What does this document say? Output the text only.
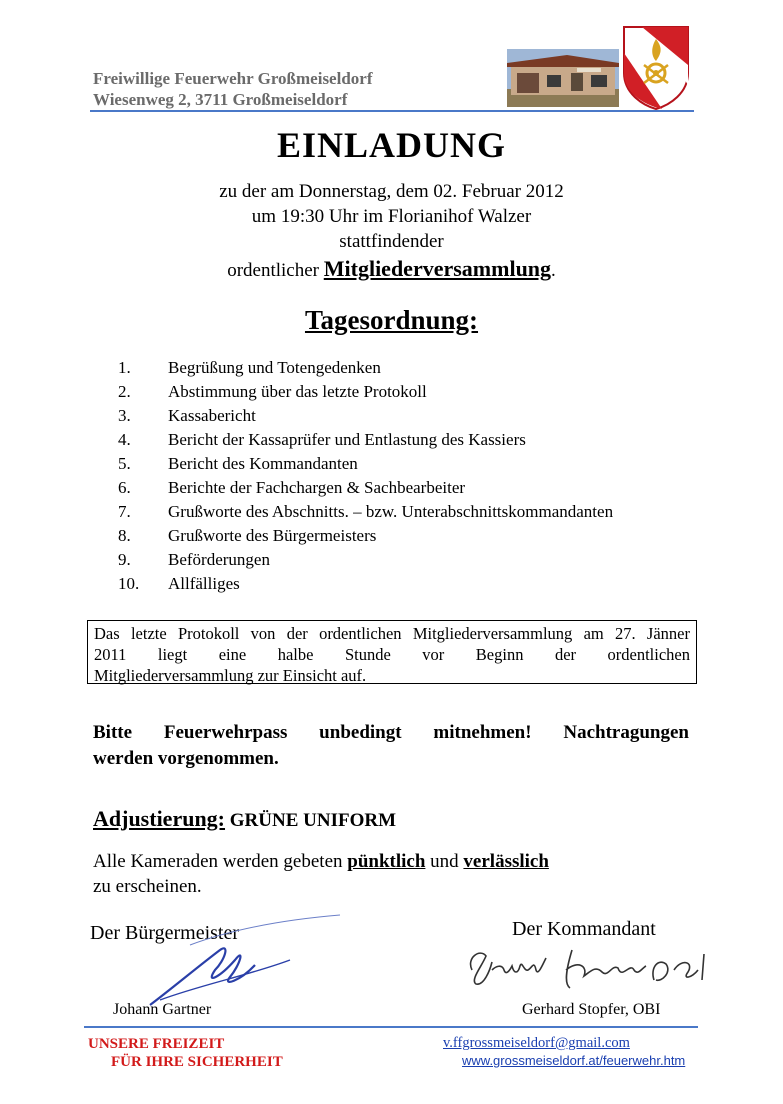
Freiwillige Feuerwehr Großmeiseldorf
Wiesenweg 2, 3711 Großmeiseldorf
EINLADUNG
zu der am Donnerstag, dem 02. Februar 2012
um 19:30 Uhr im Florianihof Walzer
stattfindender
ordentlicher Mitgliederversammlung.
Tagesordnung:
1.	Begrüßung und Totengedenken
2.	Abstimmung über das letzte Protokoll
3.	Kassabericht
4.	Bericht der Kassaprüfer und Entlastung des Kassiers
5.	Bericht des Kommandanten
6.	Berichte der Fachchargen & Sachbearbeiter
7.	Grußworte des Abschnitts. – bzw. Unterabschnittskommandanten
8.	Grußworte des Bürgermeisters
9.	Beförderungen
10.	Allfälliges
Das letzte Protokoll von der ordentlichen Mitgliederversammlung am 27. Jänner
2011 liegt eine halbe Stunde vor Beginn der ordentlichen
Mitgliederversammlung zur Einsicht auf.
Bitte Feuerwehrpass unbedingt mitnehmen! Nachtragungen
werden vorgenommen.
Adjustierung: GRÜNE UNIFORM
Alle Kameraden werden gebeten pünktlich und verlässlich
zu erscheinen.
Der Bürgermeister
Johann Gartner
Der Kommandant
Gerhard Stopfer, OBI
UNSERE FREIZEIT
FÜR IHRE SICHERHEIT
v.ffgrossmeiseldorf@gmail.com
www.grossmeiseldorf.at/feuerwehr.htm
